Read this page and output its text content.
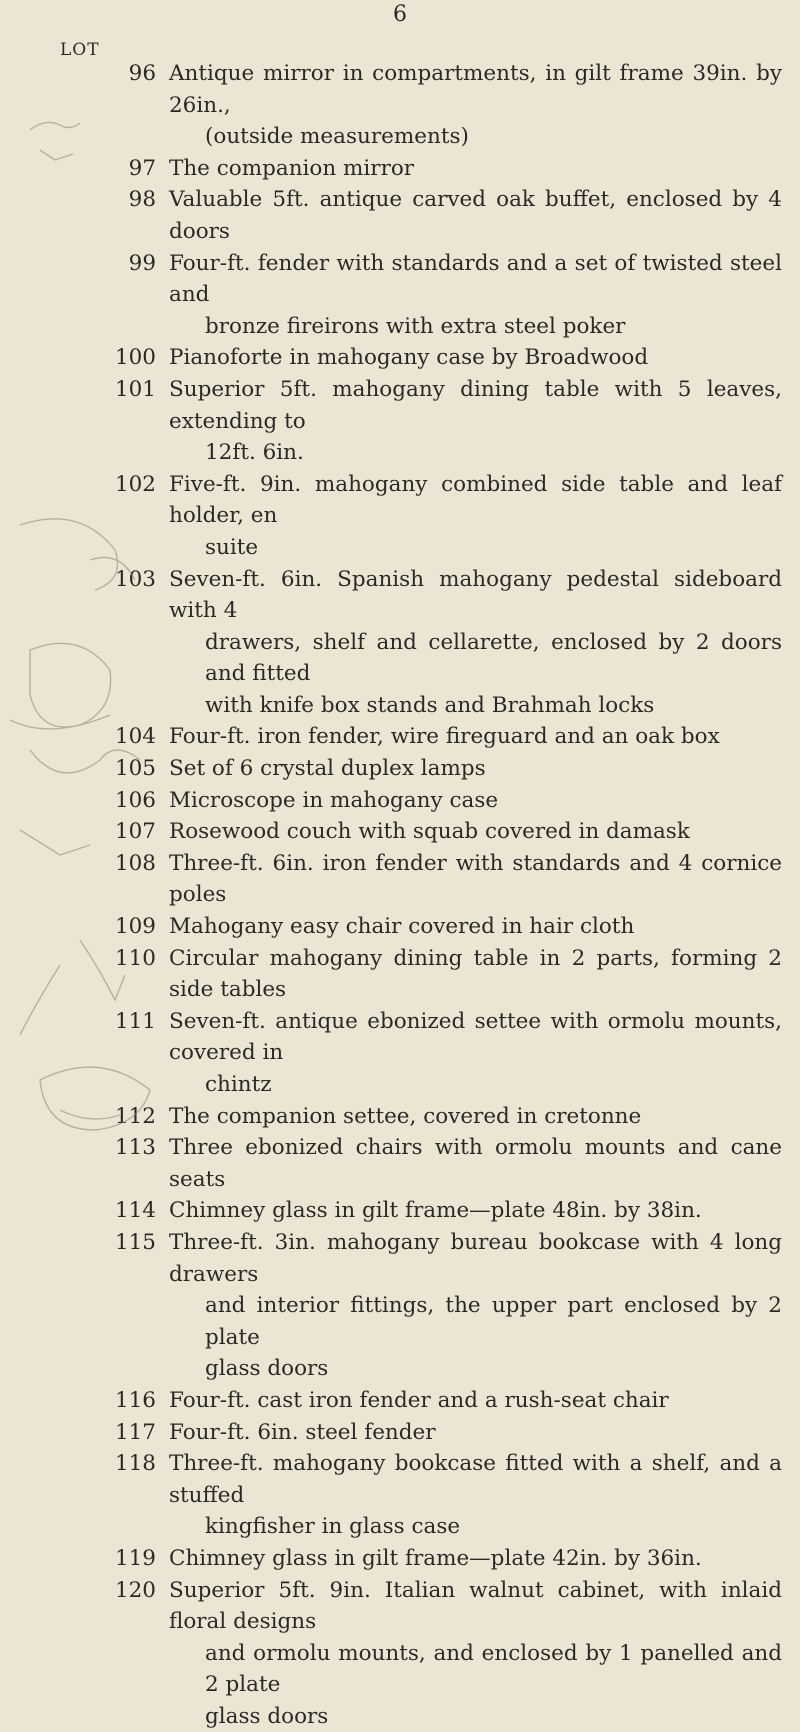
6
LOT
96 Antique mirror in compartments, in gilt frame 39in. by 26in.,
(outside measurements)
97 The companion mirror
98 Valuable 5ft. antique carved oak buffet, enclosed by 4 doors
99 Four-ft. fender with standards and a set of twisted steel and
bronze fireirons with extra steel poker
100 Pianoforte in mahogany case by Broadwood
101 Superior 5ft. mahogany dining table with 5 leaves, extending to
12ft. 6in.
102 Five-ft. 9in. mahogany combined side table and leaf holder, en
suite
103 Seven-ft. 6in. Spanish mahogany pedestal sideboard with 4
drawers, shelf and cellarette, enclosed by 2 doors and fitted
with knife box stands and Brahmah locks
104 Four-ft. iron fender, wire fireguard and an oak box
105 Set of 6 crystal duplex lamps
106 Microscope in mahogany case
107 Rosewood couch with squab covered in damask
108 Three-ft. 6in. iron fender with standards and 4 cornice poles
109 Mahogany easy chair covered in hair cloth
110 Circular mahogany dining table in 2 parts, forming 2 side tables
111 Seven-ft. antique ebonized settee with ormolu mounts, covered in
chintz
112 The companion settee, covered in cretonne
113 Three ebonized chairs with ormolu mounts and cane seats
114 Chimney glass in gilt frame—plate 48in. by 38in.
115 Three-ft. 3in. mahogany bureau bookcase with 4 long drawers
and interior fittings, the upper part enclosed by 2 plate
glass doors
116 Four-ft. cast iron fender and a rush-seat chair
117 Four-ft. 6in. steel fender
118 Three-ft. mahogany bookcase fitted with a shelf, and a stuffed
kingfisher in glass case
119 Chimney glass in gilt frame—plate 42in. by 36in.
120 Superior 5ft. 9in. Italian walnut cabinet, with inlaid floral designs
and ormolu mounts, and enclosed by 1 panelled and 2 plate
glass doors
